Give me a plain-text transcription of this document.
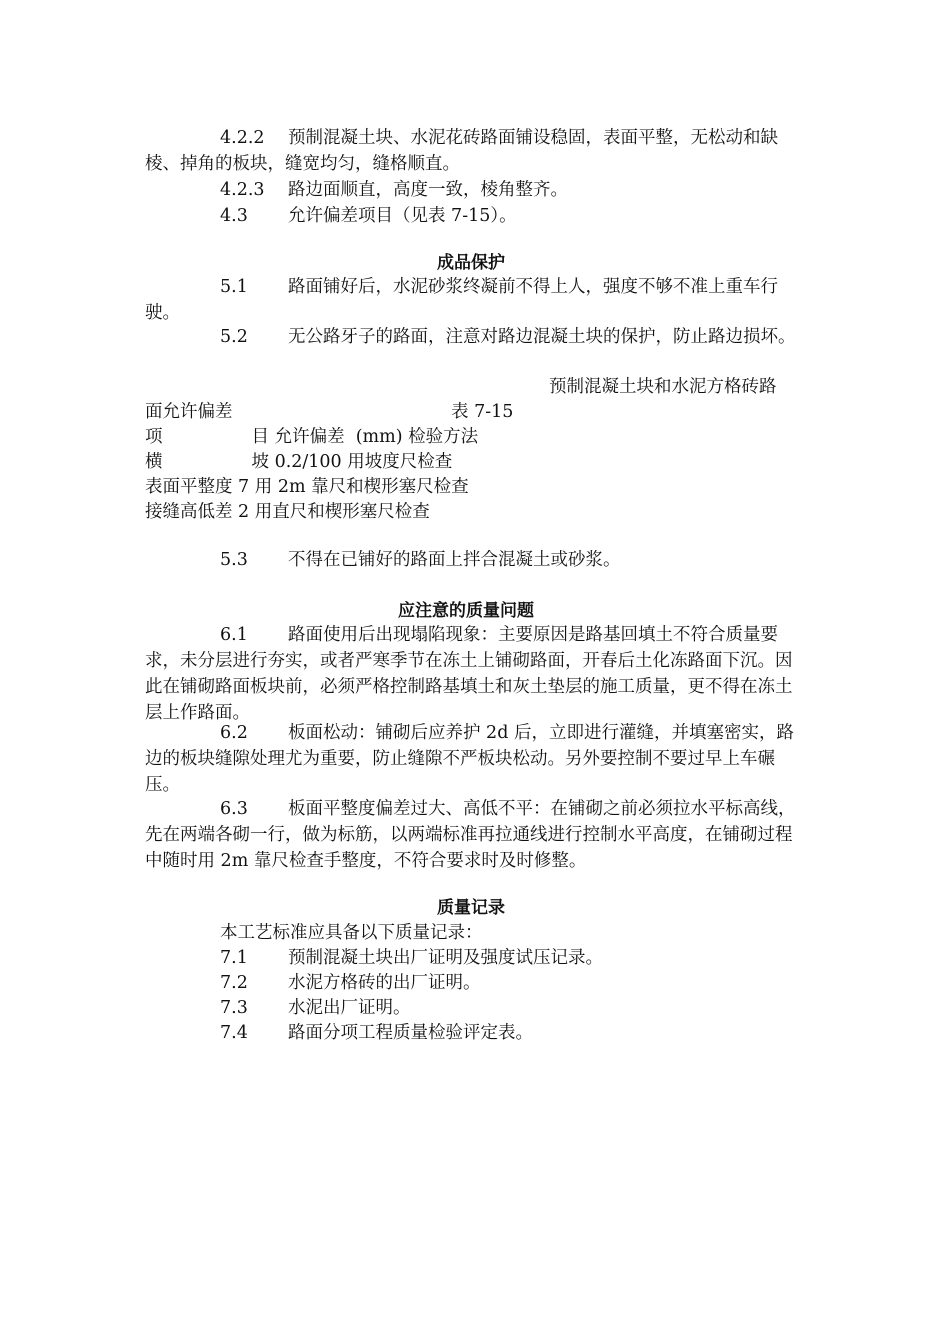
4.2.2 预制混凝土块、水泥花砖路面铺设稳固，表面平整，无松动和缺棱、掉角的板块，缝宽均匀，缝格顺直。

4.2.3 路边面顺直，高度一致，棱角整齐。

4.3 允许偏差项目（见表 7-15）。

成品保护

5.1 路面铺好后，水泥砂浆终凝前不得上人，强度不够不准上重车行驶。

5.2 无公路牙子的路面，注意对路边混凝土块的保护，防止路边损坏。

预制混凝土块和水泥方格砖路

面允许偏差	表 7-15

项                目 允许偏差  (mm) 检验方法

横                坡 0.2/100 用坡度尺检查

表面平整度 7 用 2m 靠尺和楔形塞尺检查

接缝高低差 2 用直尺和楔形塞尺检查

5.3 不得在已铺好的路面上拌合混凝土或砂浆。

应注意的质量问题

6.1 路面使用后出现塌陷现象：主要原因是路基回填土不符合质量要求，未分层进行夯实，或者严寒季节在冻土上铺砌路面，开春后土化冻路面下沉。因此在铺砌路面板块前，必须严格控制路基填土和灰土垫层的施工质量，更不得在冻土层上作路面。

6.2 板面松动：铺砌后应养护 2d 后，立即进行灌缝，并填塞密实，路边的板块缝隙处理尤为重要，防止缝隙不严板块松动。另外要控制不要过早上车碾压。

6.3 板面平整度偏差过大、高低不平：在铺砌之前必须拉水平标高线，先在两端各砌一行，做为标筋，以两端标准再拉通线进行控制水平高度，在铺砌过程中随时用 2m 靠尺检查手整度，不符合要求时及时修整。

质量记录

本工艺标准应具备以下质量记录：

7.1 预制混凝土块出厂证明及强度试压记录。

7.2 水泥方格砖的出厂证明。

7.3 水泥出厂证明。

7.4 路面分项工程质量检验评定表。
